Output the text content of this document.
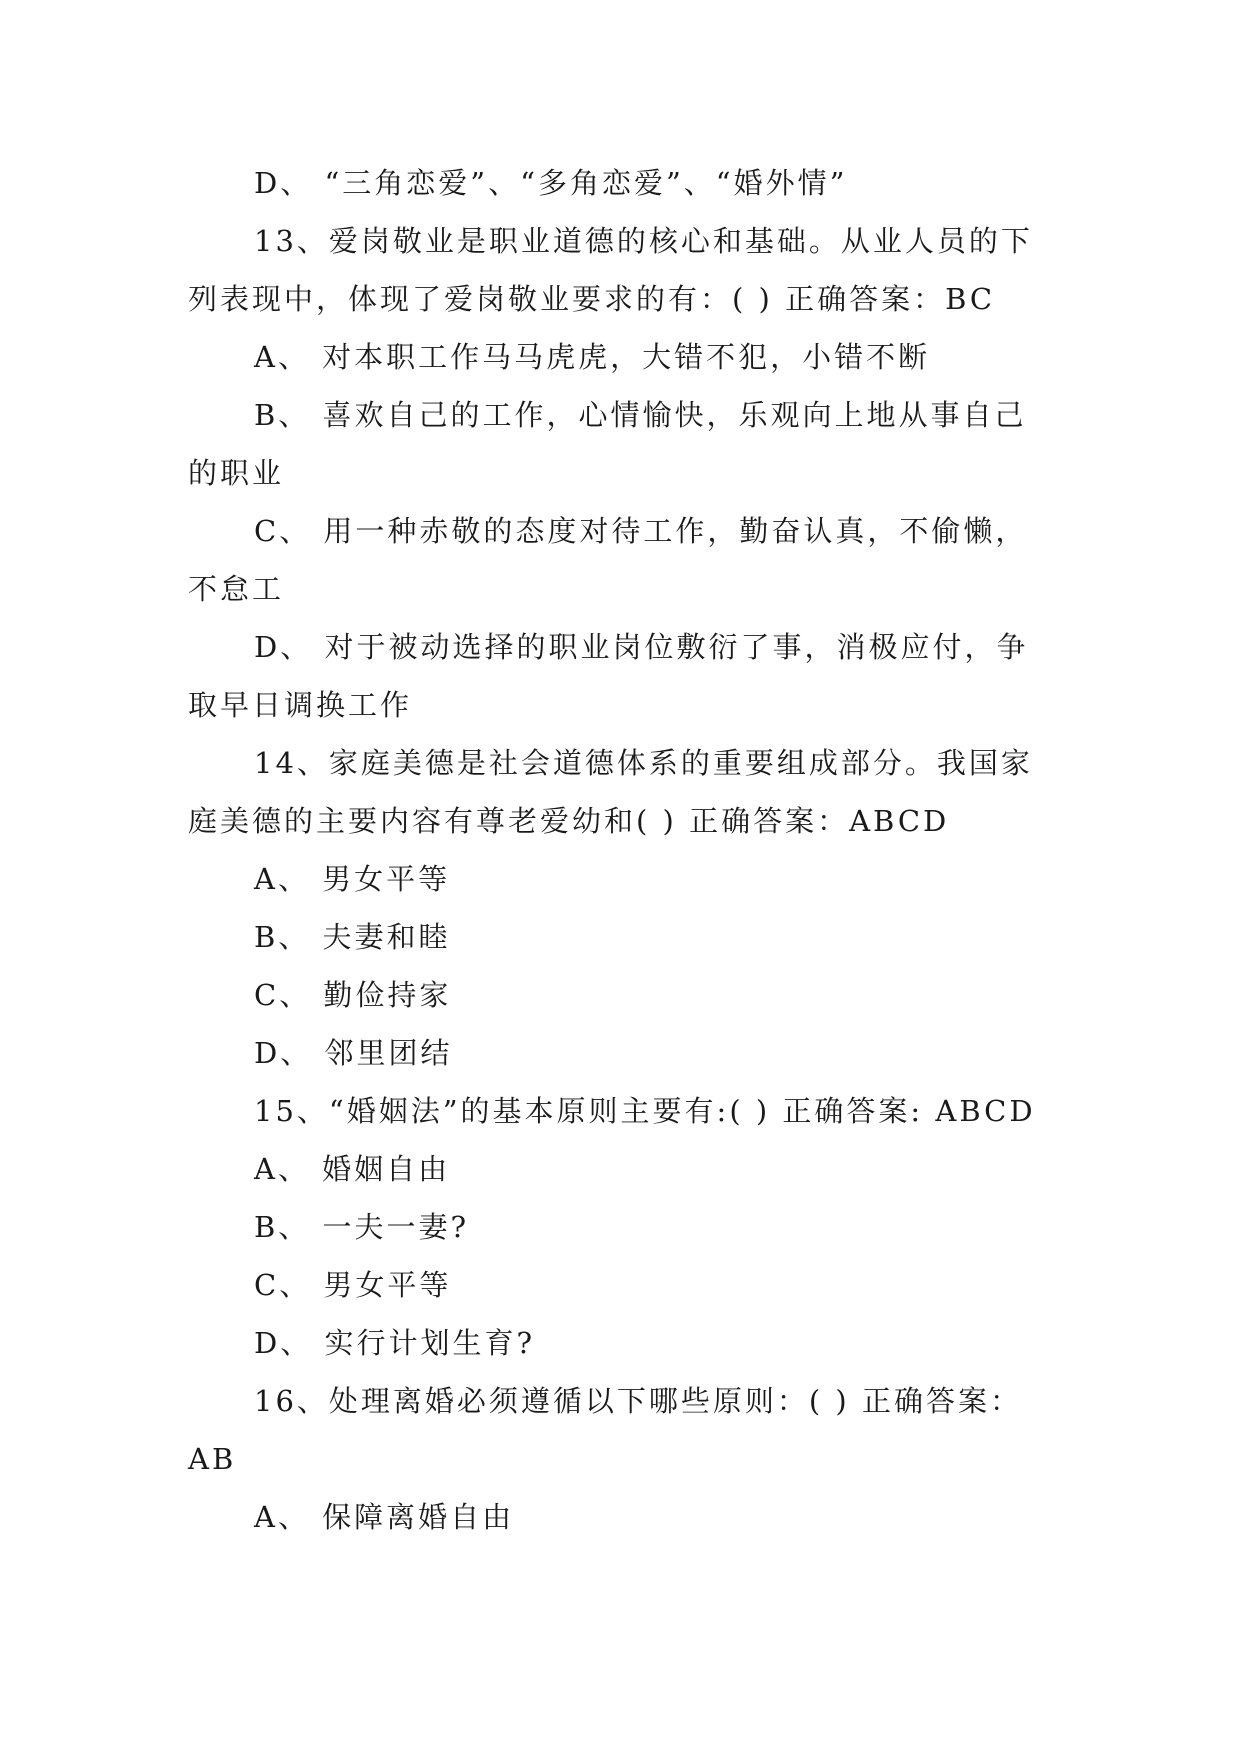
D、 “三角恋爱”、“多角恋爱”、“婚外情”
13、爱岗敬业是职业道德的核心和基础。从业人员的下
列表现中，体现了爱岗敬业要求的有：( ) 正确答案：BC
A、 对本职工作马马虎虎，大错不犯，小错不断
B、 喜欢自己的工作，心情愉快，乐观向上地从事自己
的职业
C、 用一种赤敬的态度对待工作，勤奋认真，不偷懒，
不怠工
D、 对于被动选择的职业岗位敷衍了事，消极应付，争
取早日调换工作
14、家庭美德是社会道德体系的重要组成部分。我国家
庭美德的主要内容有尊老爱幼和( ) 正确答案：ABCD
A、 男女平等
B、 夫妻和睦
C、 勤俭持家
D、 邻里团结
15、“婚姻法”的基本原则主要有:( ) 正确答案: ABCD
A、 婚姻自由
B、 一夫一妻?
C、 男女平等
D、 实行计划生育?
16、处理离婚必须遵循以下哪些原则：( ) 正确答案：
AB
A、 保障离婚自由
